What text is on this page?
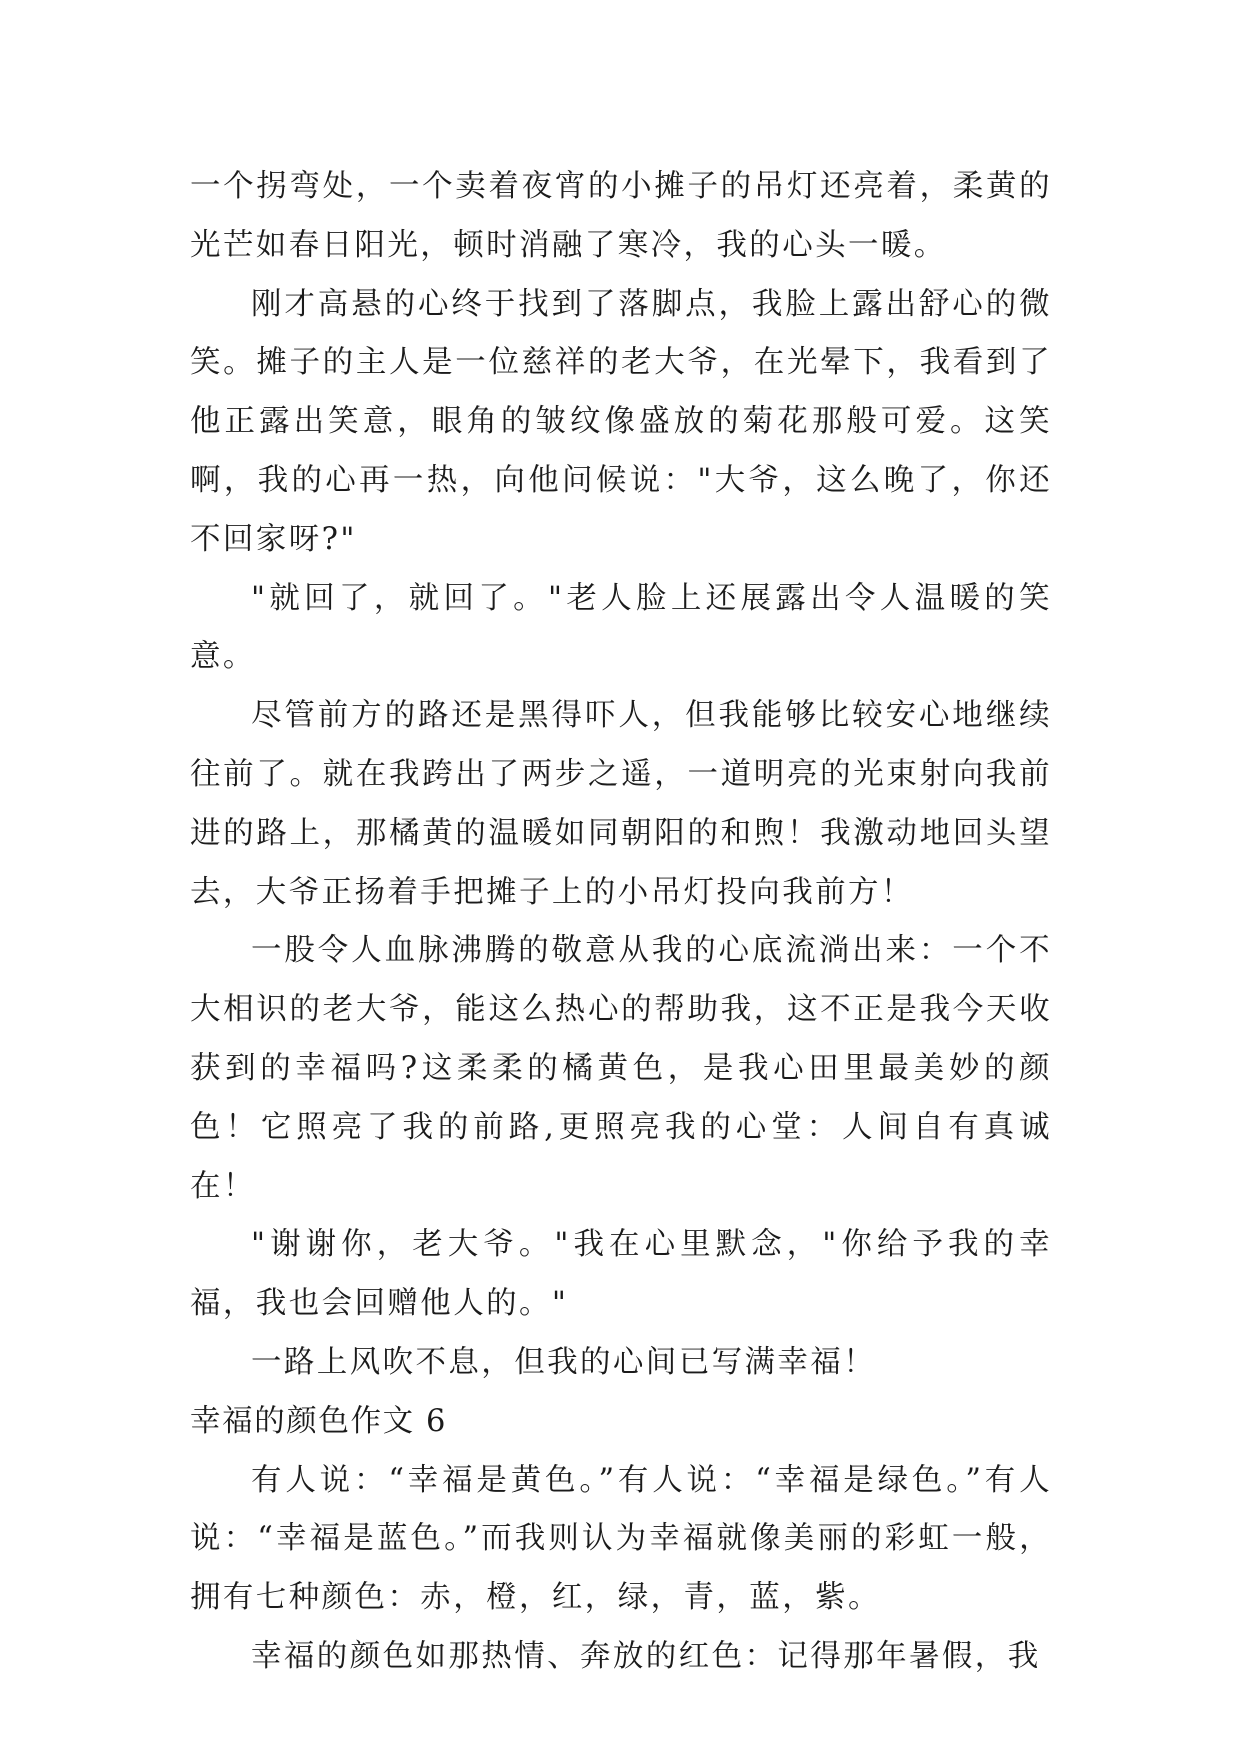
一个拐弯处，一个卖着夜宵的小摊子的吊灯还亮着，柔黄的光芒如春日阳光，顿时消融了寒冷，我的心头一暖。

刚才高悬的心终于找到了落脚点，我脸上露出舒心的微笑。摊子的主人是一位慈祥的老大爷，在光晕下，我看到了他正露出笑意，眼角的皱纹像盛放的菊花那般可爱。这笑啊，我的心再一热，向他问候说："大爷，这么晚了，你还不回家呀?"

"就回了，就回了。"老人脸上还展露出令人温暖的笑意。

尽管前方的路还是黑得吓人，但我能够比较安心地继续往前了。就在我跨出了两步之遥，一道明亮的光束射向我前进的路上，那橘黄的温暖如同朝阳的和煦！我激动地回头望去，大爷正扬着手把摊子上的小吊灯投向我前方！

一股令人血脉沸腾的敬意从我的心底流淌出来：一个不大相识的老大爷，能这么热心的帮助我，这不正是我今天收获到的幸福吗?这柔柔的橘黄色，是我心田里最美妙的颜色！它照亮了我的前路,更照亮我的心堂：人间自有真诚在！

"谢谢你，老大爷。"我在心里默念，"你给予我的幸福，我也会回赠他人的。"

一路上风吹不息，但我的心间已写满幸福！

幸福的颜色作文 6

有人说：“幸福是黄色。”有人说：“幸福是绿色。”有人说：“幸福是蓝色。”而我则认为幸福就像美丽的彩虹一般，拥有七种颜色：赤，橙，红，绿，青，蓝，紫。

幸福的颜色如那热情、奔放的红色：记得那年暑假，我
